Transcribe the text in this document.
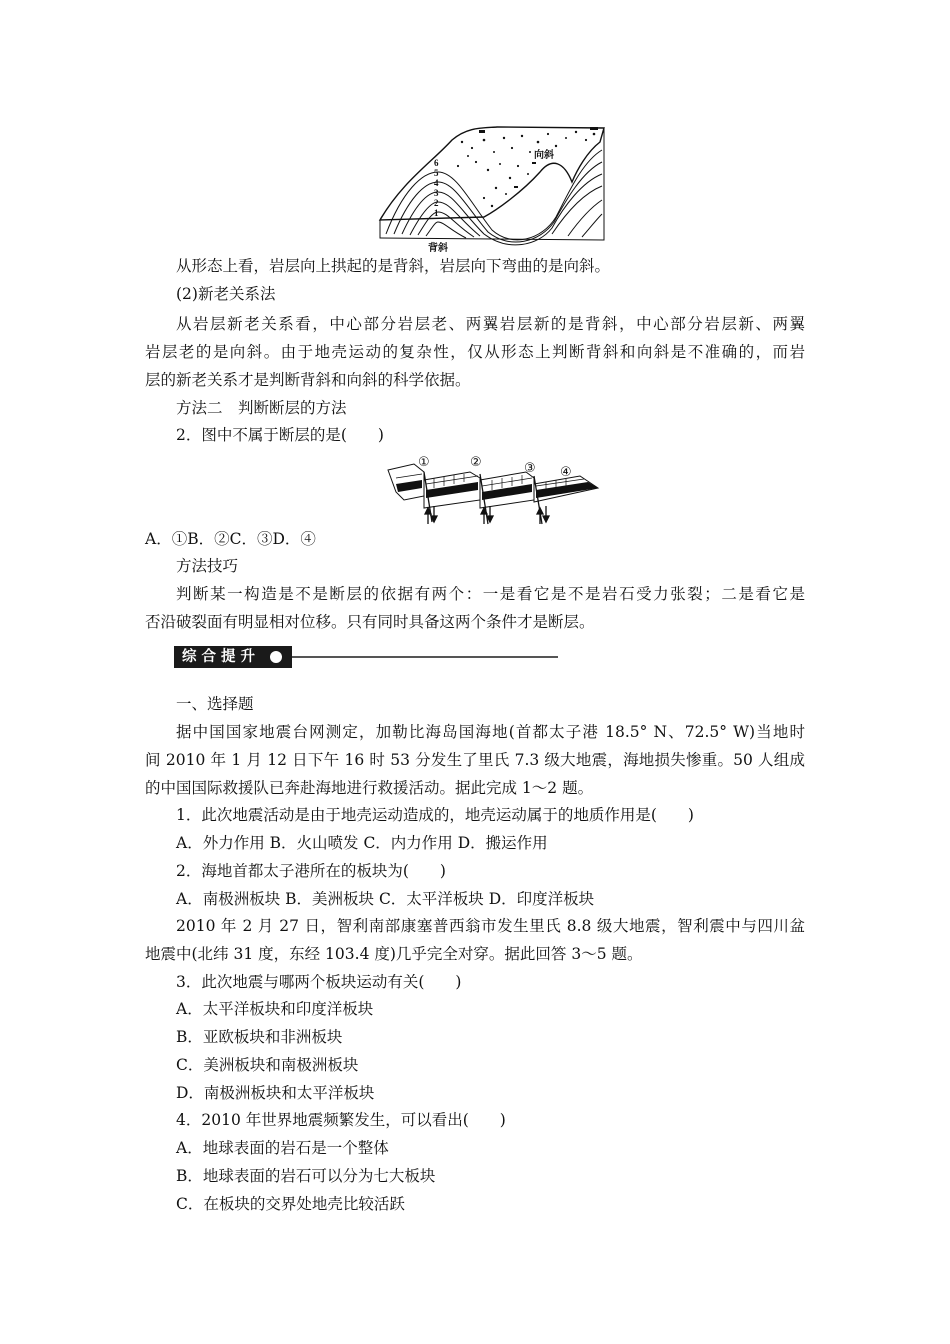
1
2
3
4
5
6
向斜
背斜
从形态上看，岩层向上拱起的是背斜，岩层向下弯曲的是向斜。
(2)新老关系法
从岩层新老关系看，中心部分岩层老、两翼岩层新的是背斜，中心部分岩层新、两翼
岩层老的是向斜。由于地壳运动的复杂性，仅从形态上判断背斜和向斜是不准确的，而岩
层的新老关系才是判断背斜和向斜的科学依据。
方法二　判断断层的方法
2．图中不属于断层的是(　　)
①	②	③ ④
A．①B．②C．③D．④
方法技巧
判断某一构造是不是断层的依据有两个：一是看它是不是岩石受力张裂；二是看它是
否沿破裂面有明显相对位移。只有同时具备这两个条件才是断层。
综合提升
一、选择题
据中国国家地震台网测定，加勒比海岛国海地(首都太子港 18.5° N、72.5° W)当地时
间 2010 年 1 月 12 日下午 16 时 53 分发生了里氏 7.3 级大地震，海地损失惨重。50 人组成
的中国国际救援队已奔赴海地进行救援活动。据此完成 1～2 题。
1．此次地震活动是由于地壳运动造成的，地壳运动属于的地质作用是(　　)
A．外力作用 B．火山喷发 C．内力作用 D．搬运作用
2．海地首都太子港所在的板块为(　　)
A．南极洲板块 B．美洲板块 C．太平洋板块 D．印度洋板块
2010 年 2 月 27 日，智利南部康塞普西翁市发生里氏 8.8 级大地震，智利震中与四川盆
地震中(北纬 31 度，东经 103.4 度)几乎完全对穿。据此回答 3～5 题。
3．此次地震与哪两个板块运动有关(　　)
A．太平洋板块和印度洋板块
B．亚欧板块和非洲板块
C．美洲板块和南极洲板块
D．南极洲板块和太平洋板块
4．2010 年世界地震频繁发生，可以看出(　　)
A．地球表面的岩石是一个整体
B．地球表面的岩石可以分为七大板块
C．在板块的交界处地壳比较活跃
